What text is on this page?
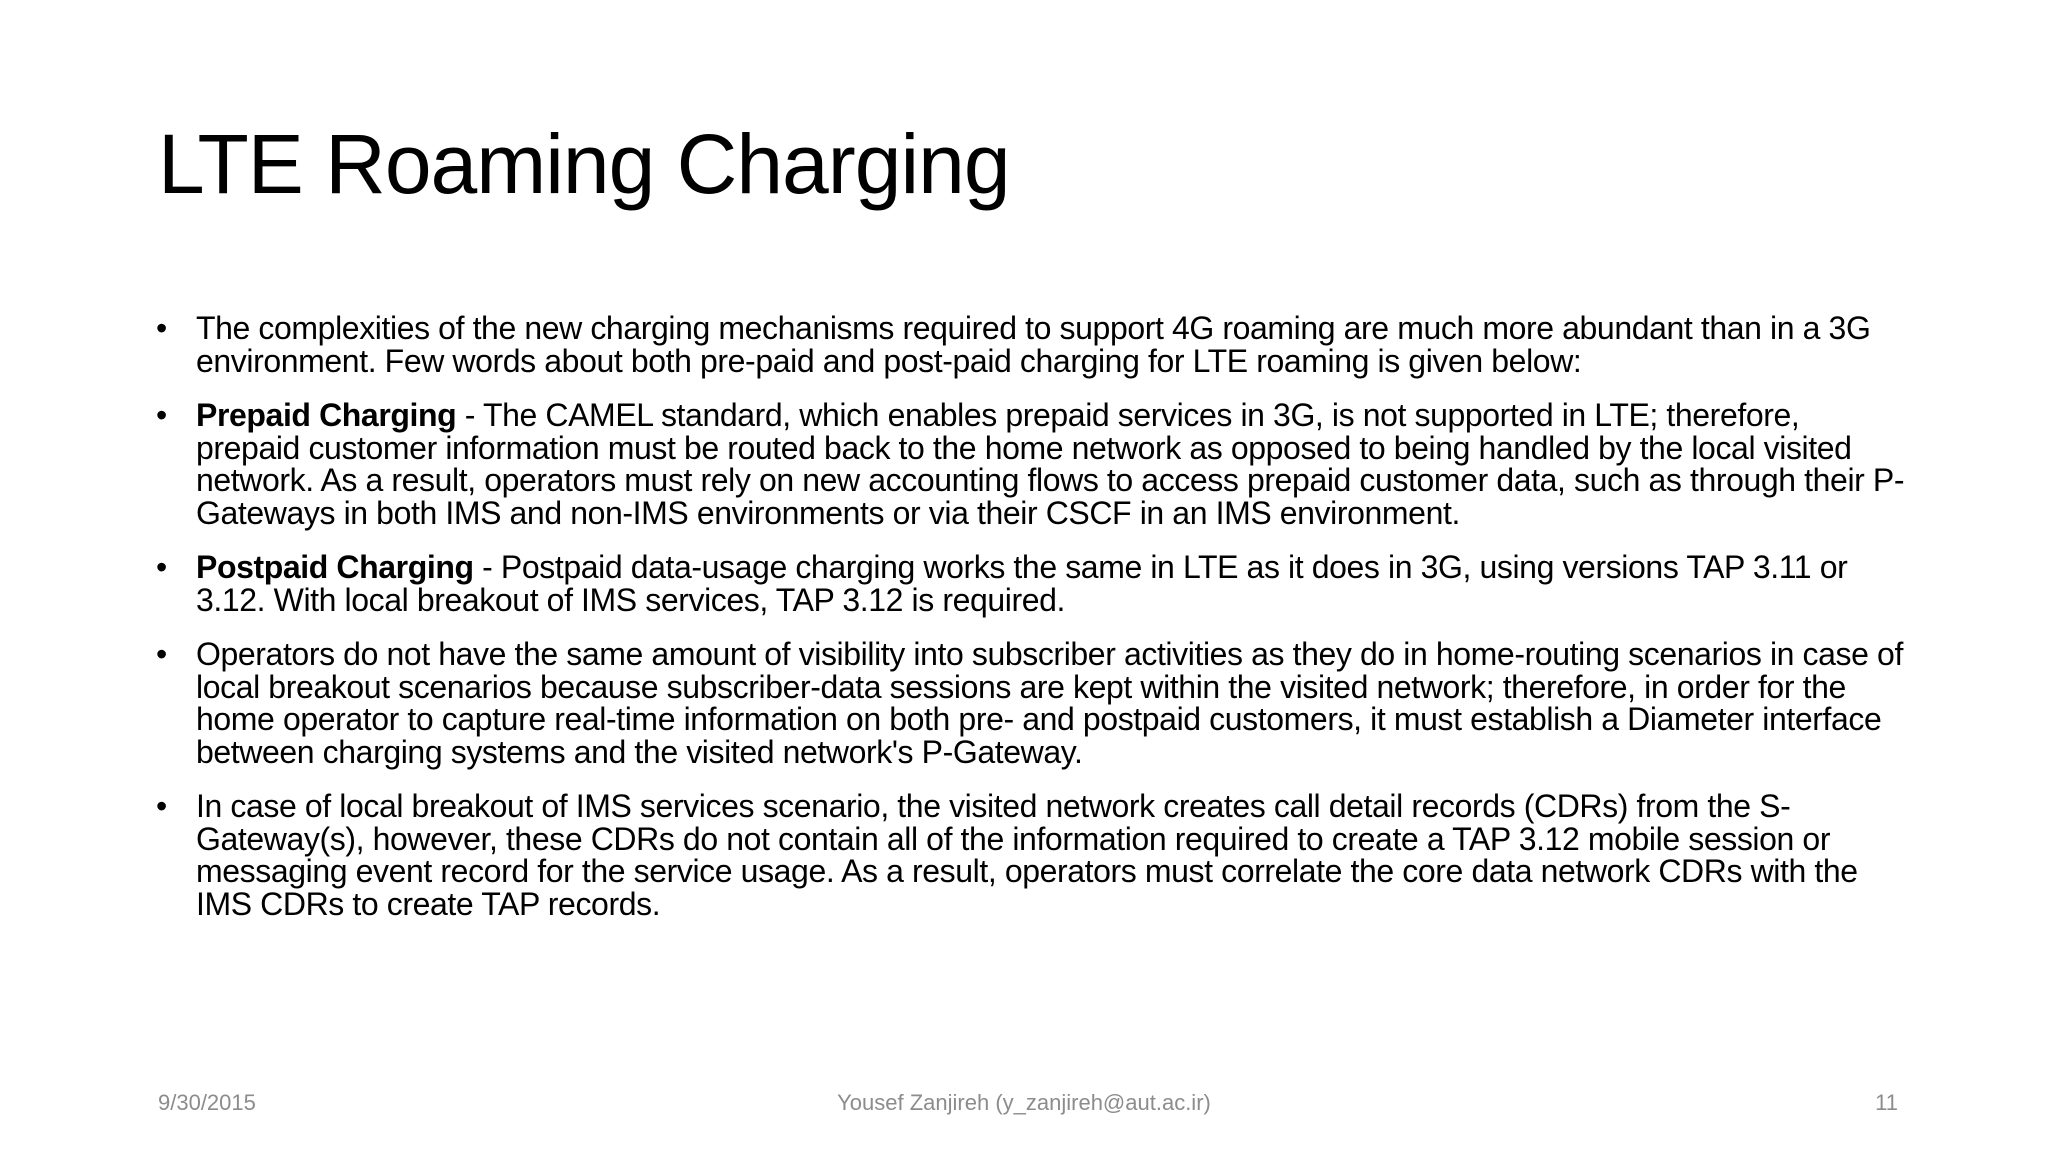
LTE Roaming Charging
• The complexities of the new charging mechanisms required to support 4G roaming are much more abundant than in a 3G environment. Few words about both pre-paid and post-paid charging for LTE roaming is given below:
• Prepaid Charging - The CAMEL standard, which enables prepaid services in 3G, is not supported in LTE; therefore, prepaid customer information must be routed back to the home network as opposed to being handled by the local visited network. As a result, operators must rely on new accounting flows to access prepaid customer data, such as through their P-Gateways in both IMS and non-IMS environments or via their CSCF in an IMS environment.
• Postpaid Charging - Postpaid data-usage charging works the same in LTE as it does in 3G, using versions TAP 3.11 or 3.12. With local breakout of IMS services, TAP 3.12 is required.
• Operators do not have the same amount of visibility into subscriber activities as they do in home-routing scenarios in case of local breakout scenarios because subscriber-data sessions are kept within the visited network; therefore, in order for the home operator to capture real-time information on both pre- and postpaid customers, it must establish a Diameter interface between charging systems and the visited network's P-Gateway.
• In case of local breakout of IMS services scenario, the visited network creates call detail records (CDRs) from the S-Gateway(s), however, these CDRs do not contain all of the information required to create a TAP 3.12 mobile session or messaging event record for the service usage. As a result, operators must correlate the core data network CDRs with the IMS CDRs to create TAP records.
9/30/2015	Yousef Zanjireh (y_zanjireh@aut.ac.ir)	11
